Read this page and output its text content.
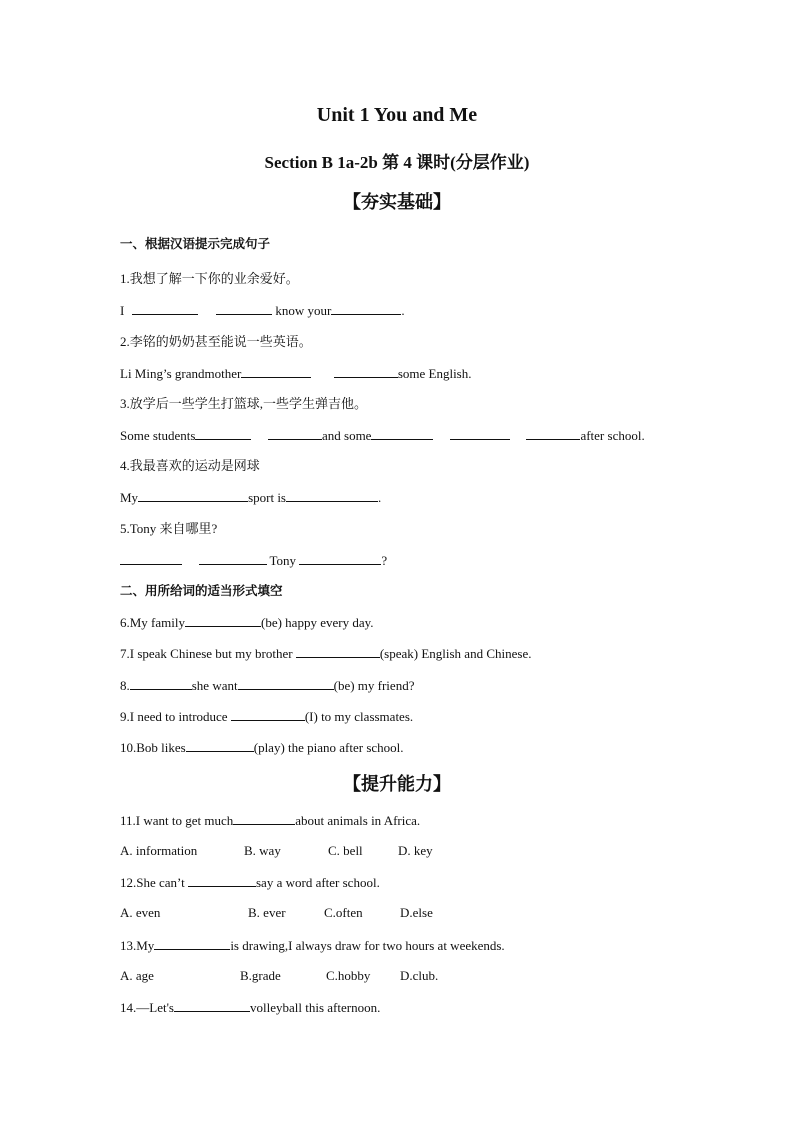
Unit 1 You and Me
Section B 1a-2b 第 4 课时(分层作业)
【夯实基础】
一、根据汉语提示完成句子
1.我想了解一下你的业余爱好。
I	know your	.
2.李铭的奶奶甚至能说一些英语。
Li Ming’s grandmother	some English.
3.放学后一些学生打篮球,一些学生弹吉他。
Some students	and some	after school.
4.我最喜欢的运动是网球
My	sport is	.
5.Tony 来自哪里?
Tony	?
二、用所给词的适当形式填空
6.My family	(be) happy every day.
7.I speak Chinese but my brother	(speak) English and Chinese.
8.	she want	(be) my friend?
9.I need to introduce	(I) to my classmates.
10.Bob likes	(play) the piano after school.
【提升能力】
11.I want to get much	about animals in Africa.
A. information	B. way	C. bell	D. key
12.She can’t	say a word after school.
A. even	B. ever	C.often	D.else
13.My	is drawing,I always draw for two hours at weekends.
A. age	B.grade	C.hobby D.club.
14.—Let's	volleyball this afternoon.
